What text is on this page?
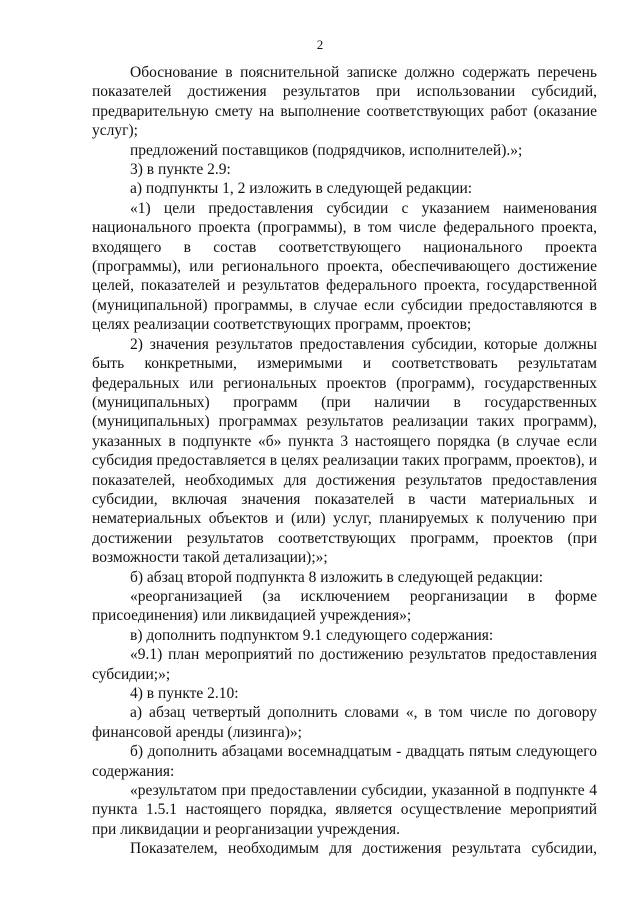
2

Обоснование в пояснительной записке должно содержать перечень показателей достижения результатов при использовании субсидий, предварительную смету на выполнение соответствующих работ (оказание услуг);

предложений поставщиков (подрядчиков, исполнителей).»;

3) в пункте 2.9:

а) подпункты 1, 2 изложить в следующей редакции:

«1) цели предоставления субсидии с указанием наименования национального проекта (программы), в том числе федерального проекта, входящего в состав соответствующего национального проекта (программы), или регионального проекта, обеспечивающего достижение целей, показателей и результатов федерального проекта, государственной (муниципальной) программы, в случае если субсидии предоставляются в целях реализации соответствующих программ, проектов;

2) значения результатов предоставления субсидии, которые должны быть конкретными, измеримыми и соответствовать результатам федеральных или региональных проектов (программ), государственных (муниципальных) программ (при наличии в государственных (муниципальных) программах результатов реализации таких программ), указанных в подпункте «б» пункта 3 настоящего порядка (в случае если субсидия предоставляется в целях реализации таких программ, проектов), и показателей, необходимых для достижения результатов предоставления субсидии, включая значения показателей в части материальных и нематериальных объектов и (или) услуг, планируемых к получению при достижении результатов соответствующих программ, проектов (при возможности такой детализации);»;

б) абзац второй подпункта 8 изложить в следующей редакции:

«реорганизацией (за исключением реорганизации в форме присоединения) или ликвидацией учреждения»;

в) дополнить подпунктом 9.1 следующего содержания:

«9.1) план мероприятий по достижению результатов предоставления субсидии;»;

4) в пункте 2.10:

а) абзац четвертый дополнить словами «, в том числе по договору финансовой аренды (лизинга)»;

б) дополнить абзацами восемнадцатым - двадцать пятым следующего содержания:

«результатом при предоставлении субсидии, указанной в подпункте 4 пункта 1.5.1 настоящего порядка, является осуществление мероприятий при ликвидации и реорганизации учреждения.

Показателем, необходимым для достижения результата субсидии,
